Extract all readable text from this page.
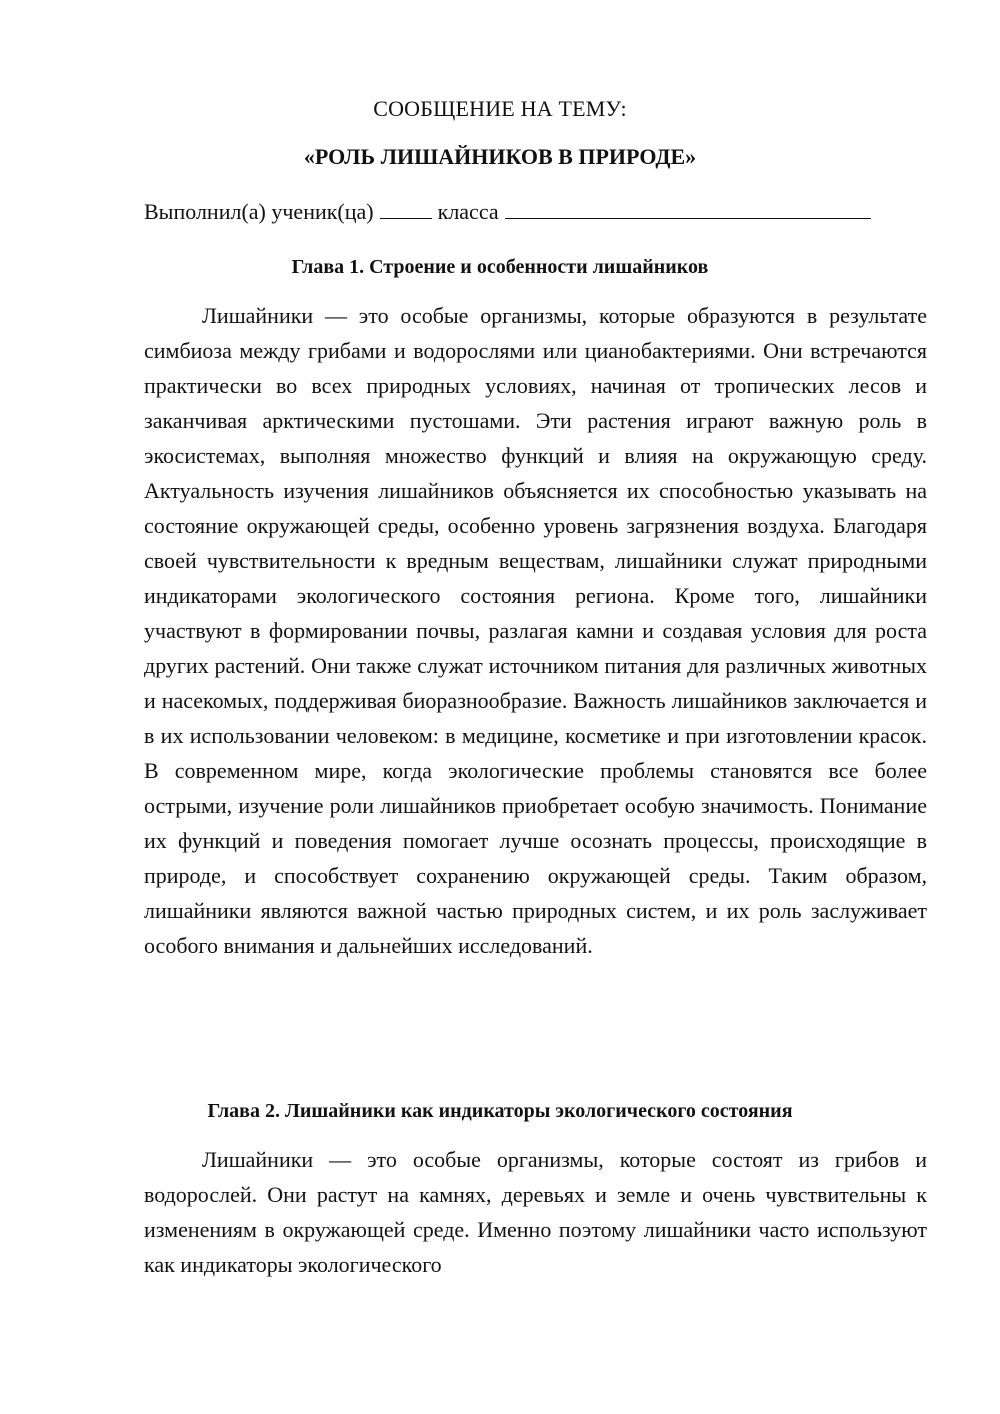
СООБЩЕНИЕ НА ТЕМУ:
«РОЛЬ ЛИШАЙНИКОВ В ПРИРОДЕ»
Выполнил(а) ученик(ца)	класса
Глава 1. Строение и особенности лишайников

Лишайники — это особые организмы, которые образуются в результате симбиоза между грибами и водорослями или цианобактериями. Они встречаются практически во всех природных условиях, начиная от тропических лесов и заканчивая арктическими пустошами. Эти растения играют важную роль в экосистемах, выполняя множество функций и влияя на окружающую среду. Актуальность изучения лишайников объясняется их способностью указывать на состояние окружающей среды, особенно уровень загрязнения воздуха. Благодаря своей чувствительности к вредным веществам, лишайники служат природными индикаторами экологического состояния региона. Кроме того, лишайники участвуют в формировании почвы, разлагая камни и создавая условия для роста других растений. Они также служат источником питания для различных животных и насекомых, поддерживая биоразнообразие. Важность лишайников заключается и в их использовании человеком: в медицине, косметике и при изготовлении красок. В современном мире, когда экологические проблемы становятся все более острыми, изучение роли лишайников приобретает особую значимость. Понимание их функций и поведения помогает лучше осознать процессы, происходящие в природе, и способствует сохранению окружающей среды. Таким образом, лишайники являются важной частью природных систем, и их роль заслуживает особого внимания и дальнейших исследований.

Глава 2. Лишайники как индикаторы экологического состояния

Лишайники — это особые организмы, которые состоят из грибов и водорослей. Они растут на камнях, деревьях и земле и очень чувствительны к изменениям в окружающей среде. Именно поэтому лишайники часто используют как индикаторы экологического
